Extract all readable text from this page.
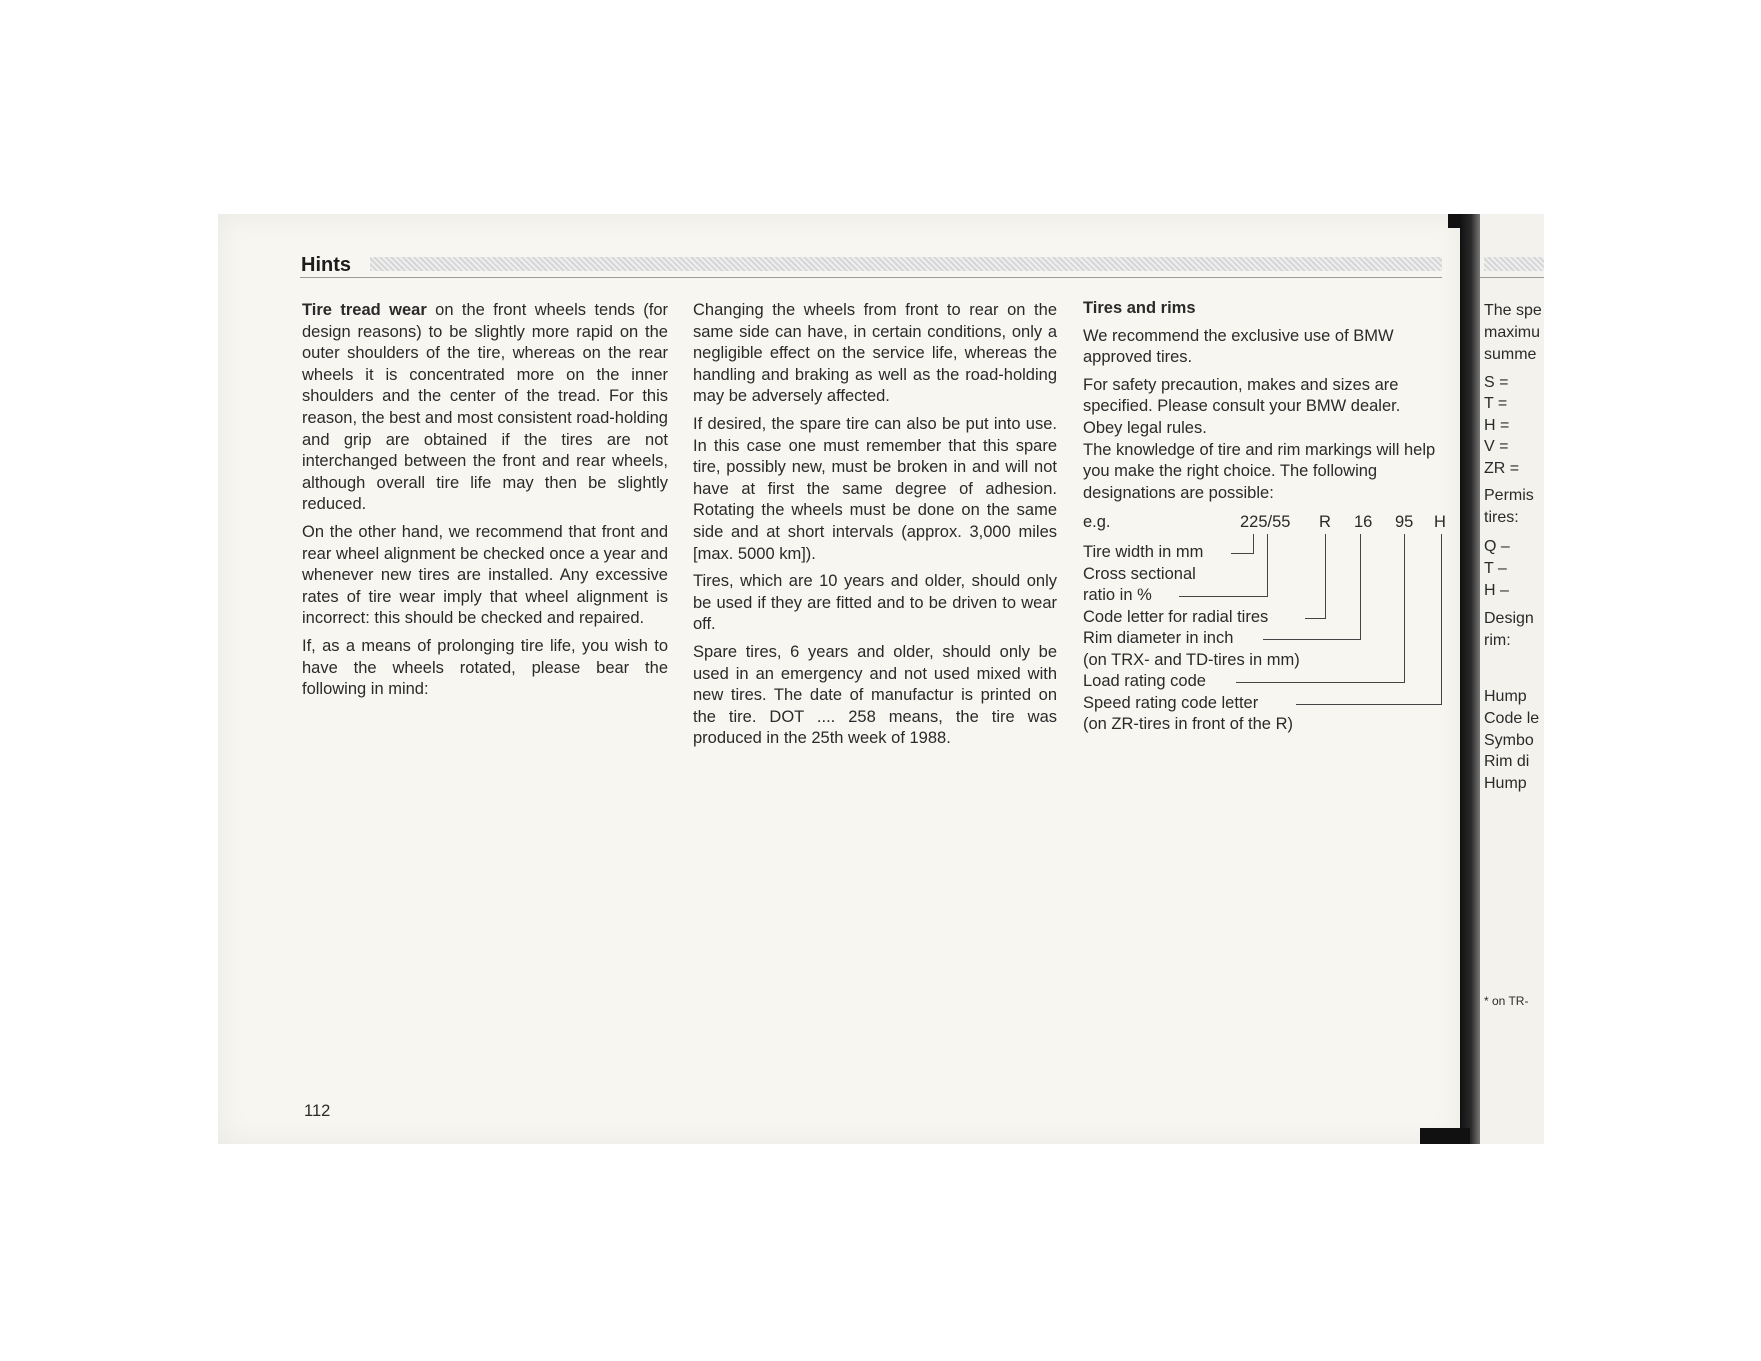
Hints

Tire tread wear on the front wheels tends (for design reasons) to be slightly more rapid on the outer shoulders of the tire, whereas on the rear wheels it is concentrated more on the inner shoulders and the center of the tread. For this reason, the best and most consistent road-holding and grip are obtained if the tires are not interchanged between the front and rear wheels, although overall tire life may then be slightly reduced.

On the other hand, we recommend that front and rear wheel alignment be checked once a year and whenever new tires are installed. Any excessive rates of tire wear imply that wheel alignment is incorrect: this should be checked and repaired.

If, as a means of prolonging tire life, you wish to have the wheels rotated, please bear the following in mind:

Changing the wheels from front to rear on the same side can have, in certain conditions, only a negligible effect on the service life, whereas the handling and braking as well as the road-holding may be adversely affected.

If desired, the spare tire can also be put into use. In this case one must remember that this spare tire, possibly new, must be broken in and will not have at first the same degree of adhesion. Rotating the wheels must be done on the same side and at short intervals (approx. 3,000 miles [max. 5000 km]).

Tires, which are 10 years and older, should only be used if they are fitted and to be driven to wear off.

Spare tires, 6 years and older, should only be used in an emergency and not used mixed with new tires. The date of manufactur is printed on the tire. DOT .... 258 means, the tire was produced in the 25th week of 1988.

Tires and rims

We recommend the exclusive use of BMW approved tires.

For safety precaution, makes and sizes are specified. Please consult your BMW dealer. Obey legal rules.

The knowledge of tire and rim markings will help you make the right choice. The following designations are possible:

e.g.	225/55 R 16 95 H
Tire width in mm
Cross sectional
ratio in %
Code letter for radial tires
Rim diameter in inch
(on TRX- and TD-tires in mm)
Load rating code
Speed rating code letter
(on ZR-tires in front of the R)
112
The spe
maximu
summe
S =
T =
H =
V =
ZR =
Permis
tires:
Q –
T –
H –
Design
rim:
Hump
Code le
Symbo
Rim di
Hump
* on TR-
